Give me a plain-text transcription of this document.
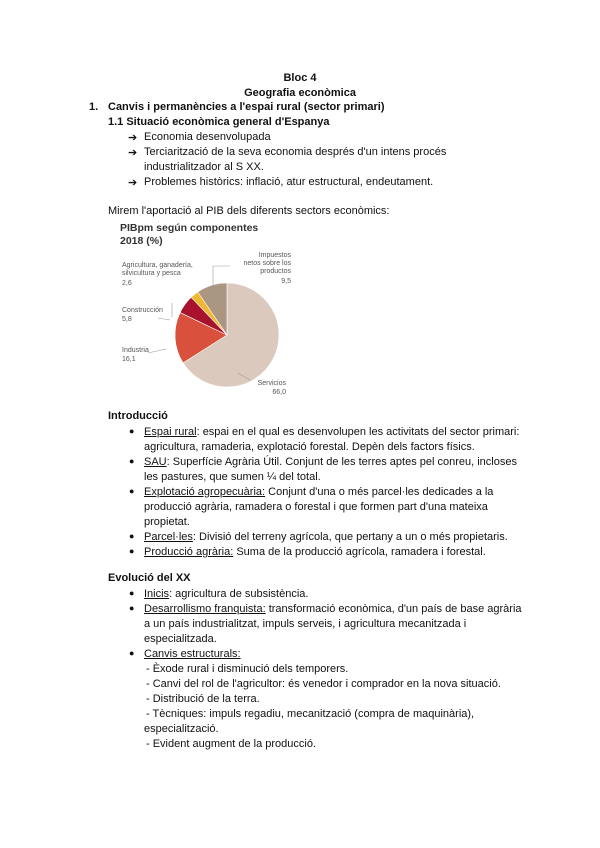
Bloc 4
Geografia econòmica
1. Canvis i permanències a l'espai rural (sector primari)
1.1 Situació econòmica general d'Espanya
➔ Economia desenvolupada
➔ Terciarització de la seva economia després d'un intens procés
industrialitzador al S XX.
➔ Problemes històrics: inflació, atur estructural, endeutament.
Mirem l'aportació al PIB dels diferents sectors econòmics:
PIBpm según componentes
2018 (%)
Agricultura, ganadería,
silvicultura y pesca
2,6
Impuestos
netos sobre los
productos
9,5
Construcción
5,8
Industria
16,1
Servicios
66,0
Introducció
● Espai rural: espai en el qual es desenvolupen les activitats del sector primari:
agricultura, ramaderia, explotació forestal. Depèn dels factors físics.
● SAU: Superfície Agrària Útil. Conjunt de les terres aptes pel conreu, incloses
les pastures, que sumen ¼ del total.
● Explotació agropecuària: Conjunt d'una o més parcel·les dedicades a la
producció agrària, ramadera o forestal i que formen part d'una mateixa
propietat.
● Parcel·les: Divisió del terreny agrícola, que pertany a un o més propietaris.
● Producció agrària: Suma de la producció agrícola, ramadera i forestal.
Evolució del XX
● Inicis: agricultura de subsistència.
● Desarrollismo franquista: transformació econòmica, d'un país de base agrària
a un país industrialitzat, impuls serveis, i agricultura mecanitzada i
especialitzada.
● Canvis estructurals:
- Èxode rural i disminució dels temporers.
- Canvi del rol de l'agricultor: és venedor i comprador en la nova situació.
- Distribució de la terra.
- Tècniques: impuls regadiu, mecanització (compra de maquinària),
especialització.
- Evident augment de la producció.
